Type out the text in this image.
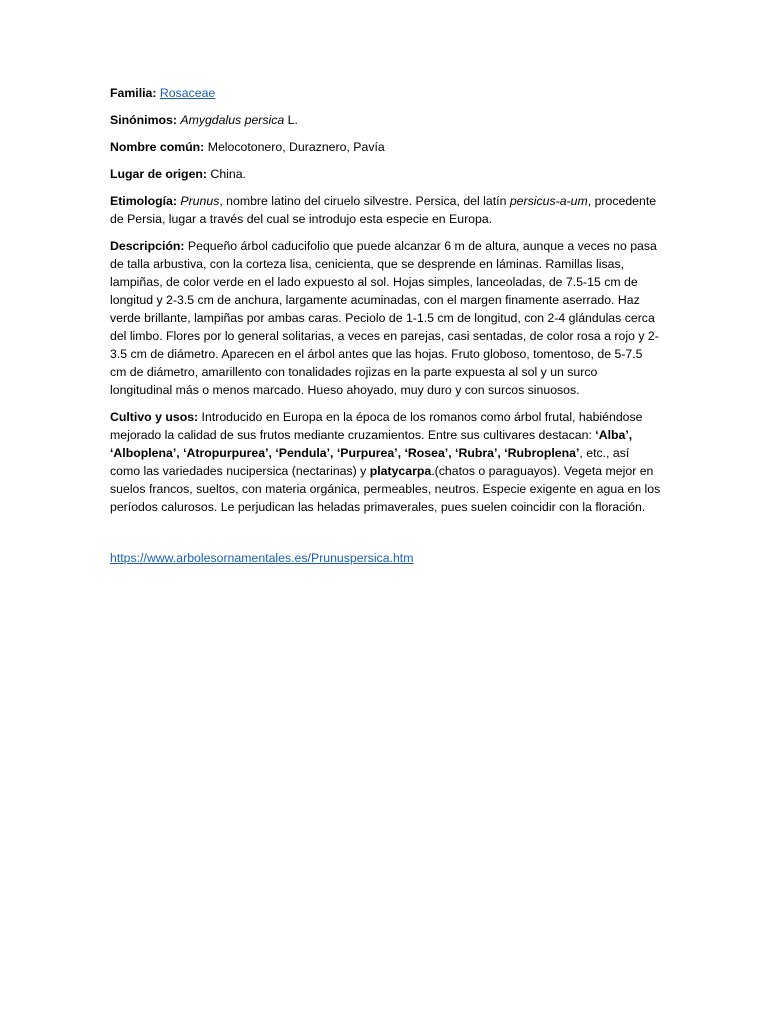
Familia: Rosaceae

Sinónimos: Amygdalus persica L.

Nombre común: Melocotonero, Duraznero, Pavía

Lugar de origen: China.

Etimología: Prunus, nombre latino del ciruelo silvestre. Persica, del latín persicus-a-um, procedente de Persia, lugar a través del cual se introdujo esta especie en Europa.

Descripción: Pequeño árbol caducifolio que puede alcanzar 6 m de altura, aunque a veces no pasa de talla arbustiva, con la corteza lisa, cenicienta, que se desprende en láminas. Ramillas lisas, lampiñas, de color verde en el lado expuesto al sol. Hojas simples, lanceoladas, de 7.5-15 cm de longitud y 2-3.5 cm de anchura, largamente acuminadas, con el margen finamente aserrado. Haz verde brillante, lampiñas por ambas caras. Peciolo de 1-1.5 cm de longitud, con 2-4 glándulas cerca del limbo. Flores por lo general solitarias, a veces en parejas, casi sentadas, de color rosa a rojo y 2-3.5 cm de diámetro. Aparecen en el árbol antes que las hojas. Fruto globoso, tomentoso, de 5-7.5 cm de diámetro, amarillento con tonalidades rojizas en la parte expuesta al sol y un surco longitudinal más o menos marcado. Hueso ahoyado, muy duro y con surcos sinuosos.

Cultivo y usos: Introducido en Europa en la época de los romanos como árbol frutal, habiéndose mejorado la calidad de sus frutos mediante cruzamientos. Entre sus cultivares destacan: ‘Alba’, ‘Alboplena’, ‘Atropurpurea’, ‘Pendula’, ‘Purpurea’, ‘Rosea’, ‘Rubra’, ‘Rubroplena’, etc., así como las variedades nucipersica (nectarinas) y platycarpa.(chatos o paraguayos). Vegeta mejor en suelos francos, sueltos, con materia orgánica, permeables, neutros. Especie exigente en agua en los períodos calurosos. Le perjudican las heladas primaverales, pues suelen coincidir con la floración.

https://www.arbolesornamentales.es/Prunuspersica.htm
